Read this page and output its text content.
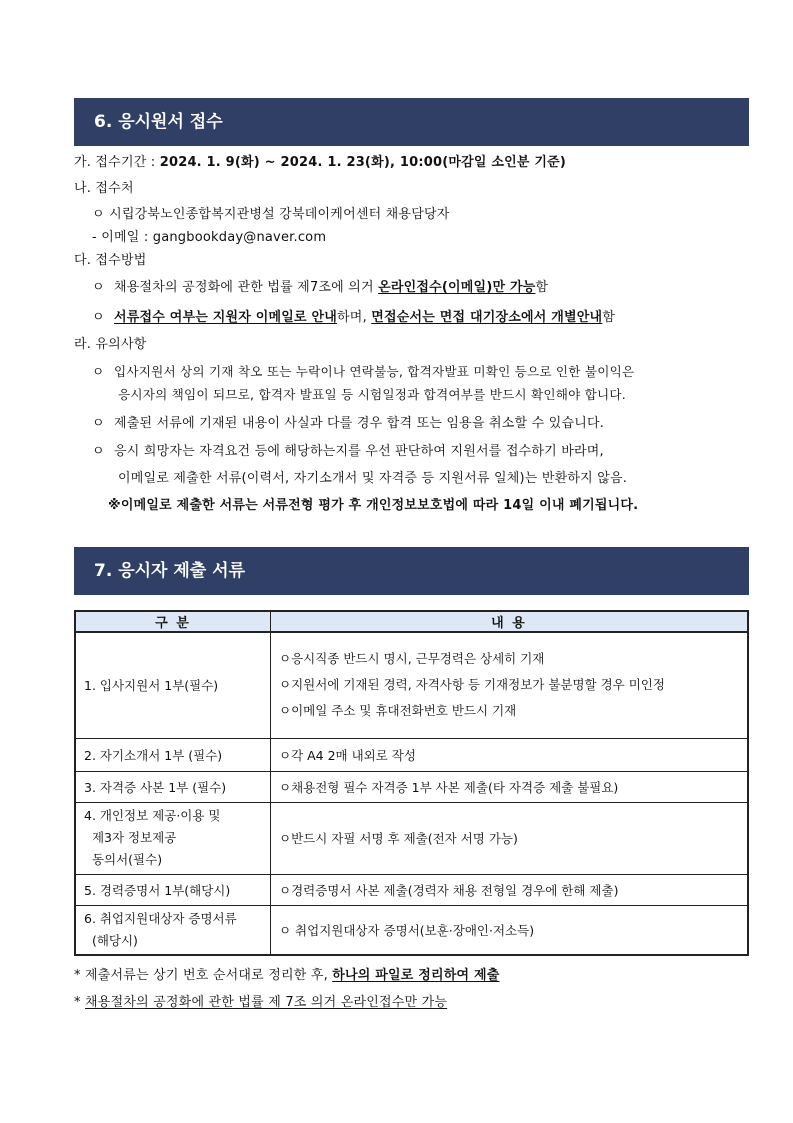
6. 응시원서 접수
가. 접수기간 : 2024. 1. 9(화) ~ 2024. 1. 23(화), 10:00(마감일 소인분 기준)
나. 접수처
ㅇ 시립강북노인종합복지관병설 강북데이케어센터 채용담당자
- 이메일 : gangbookday@naver.com
다. 접수방법
ㅇ 채용절차의 공정화에 관한 법률 제7조에 의거 온라인접수(이메일)만 가능함
ㅇ 서류접수 여부는 지원자 이메일로 안내하며, 면접순서는 면접 대기장소에서 개별안내함
라. 유의사항
ㅇ 입사지원서 상의 기재 착오 또는 누락이나 연락불능, 합격자발표 미확인 등으로 인한 불이익은
응시자의 책임이 되므로, 합격자 발표일 등 시험일정과 합격여부를 반드시 확인해야 합니다.
ㅇ 제출된 서류에 기재된 내용이 사실과 다를 경우 합격 또는 임용을 취소할 수 있습니다.
ㅇ 응시 희망자는 자격요건 등에 해당하는지를 우선 판단하여 지원서를 접수하기 바라며,
이메일로 제출한 서류(이력서, 자기소개서 및 자격증 등 지원서류 일체)는 반환하지 않음.
※이메일로 제출한 서류는 서류전형 평가 후 개인정보보호법에 따라 14일 이내 폐기됩니다.
7. 응시자 제출 서류
구 분	내 용

1. 입사지원서 1부(필수)	ㅇ응시직종 반드시 명시, 근무경력은 상세히 기재
ㅇ지원서에 기재된 경력, 자격사항 등 기재정보가 불분명할 경우 미인정
ㅇ이메일 주소 및 휴대전화번호 반드시 기재

2. 자기소개서 1부 (필수)	ㅇ각 A4 2매 내외로 작성

3. 자격증 사본 1부 (필수)	ㅇ채용전형 필수 자격증 1부 사본 제출(타 자격증 제출 불필요)

4. 개인정보 제공·이용 및
제3자 정보제공
동의서(필수)	ㅇ반드시 자필 서명 후 제출(전자 서명 가능)

5. 경력증명서 1부(해당시)	ㅇ경력증명서 사본 제출(경력자 채용 전형일 경우에 한해 제출)

6. 취업지원대상자 증명서류
(해당시)	ㅇ 취업지원대상자 증명서(보훈·장애인·저소득)
* 제출서류는 상기 번호 순서대로 정리한 후, 하나의 파일로 정리하여 제출
* 채용절차의 공정화에 관한 법률 제 7조 의거 온라인접수만 가능
